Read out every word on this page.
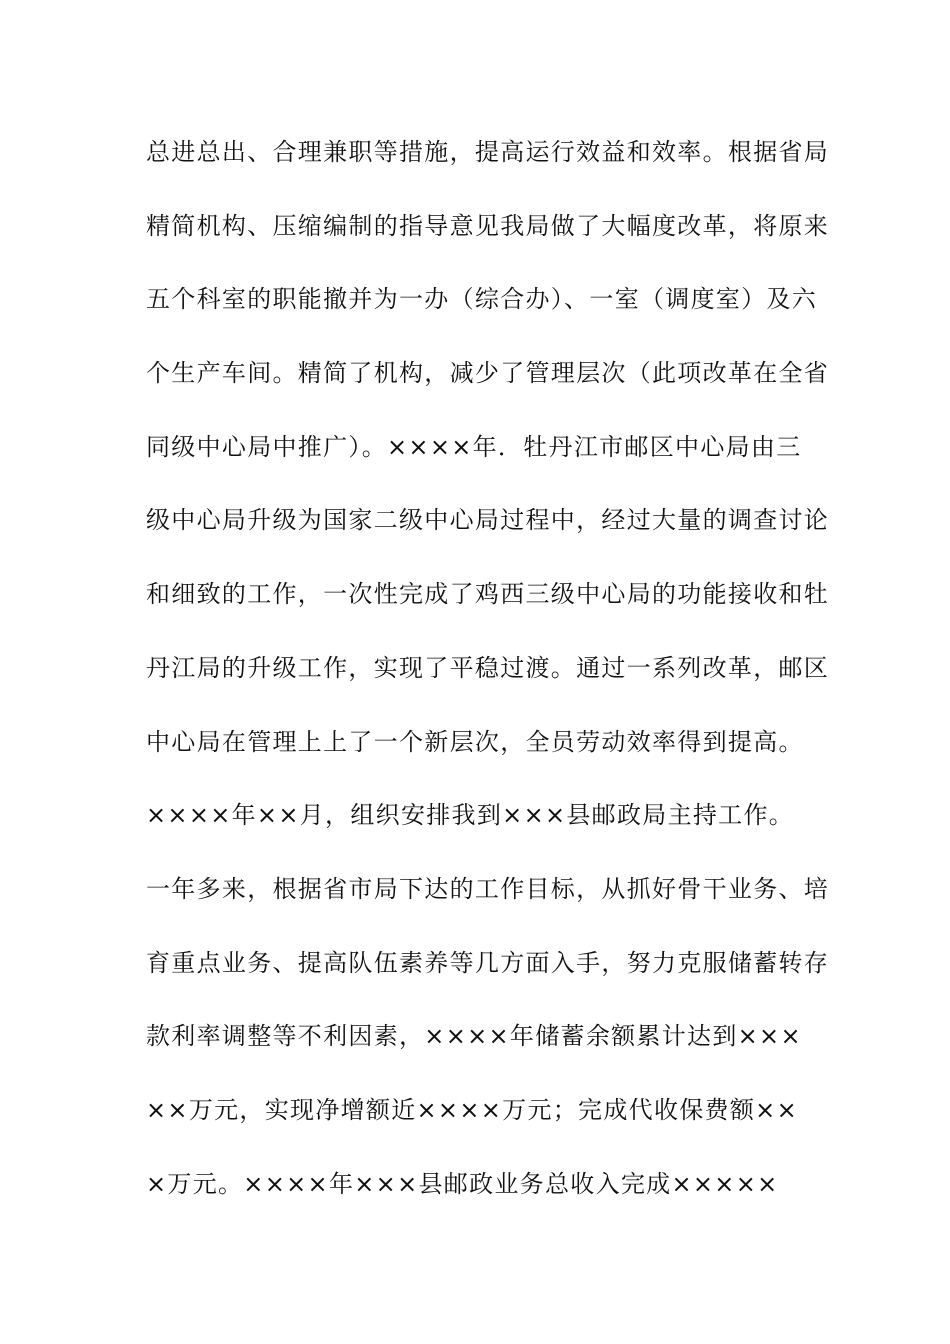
总进总出、合理兼职等措施，提高运行效益和效率。根据省局
精简机构、压缩编制的指导意见我局做了大幅度改革，将原来
五个科室的职能撤并为一办（综合办）、一室（调度室）及六
个生产车间。精简了机构，减少了管理层次（此项改革在全省
同级中心局中推广）。××××年．牡丹江市邮区中心局由三
级中心局升级为国家二级中心局过程中，经过大量的调查讨论
和细致的工作，一次性完成了鸡西三级中心局的功能接收和牡
丹江局的升级工作，实现了平稳过渡。通过一系列改革，邮区
中心局在管理上上了一个新层次，全员劳动效率得到提高。
××××年××月，组织安排我到×××县邮政局主持工作。
一年多来，根据省市局下达的工作目标，从抓好骨干业务、培
育重点业务、提高队伍素养等几方面入手，努力克服储蓄转存
款利率调整等不利因素，××××年储蓄余额累计达到×××
××万元，实现净增额近××××万元；完成代收保费额××
×万元。××××年×××县邮政业务总收入完成×××××
